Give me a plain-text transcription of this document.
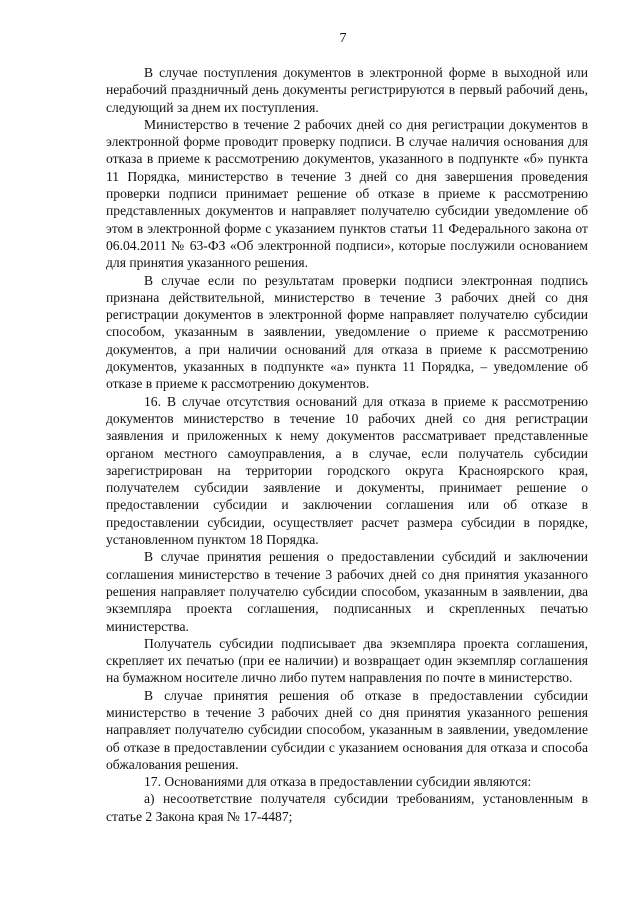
7

В случае поступления документов в электронной форме в выходной или нерабочий праздничный день документы регистрируются в первый рабочий день, следующий за днем их поступления.

Министерство в течение 2 рабочих дней со дня регистрации документов в электронной форме проводит проверку подписи. В случае наличия основания для отказа в приеме к рассмотрению документов, указанного в подпункте «б» пункта 11 Порядка, министерство в течение 3 дней со дня завершения проведения проверки подписи принимает решение об отказе в приеме к рассмотрению представленных документов и направляет получателю субсидии уведомление об этом в электронной форме с указанием пунктов статьи 11 Федерального закона от 06.04.2011 № 63-ФЗ «Об электронной подписи», которые послужили основанием для принятия указанного решения.

В случае если по результатам проверки подписи электронная подпись признана действительной, министерство в течение 3 рабочих дней со дня регистрации документов в электронной форме направляет получателю субсидии способом, указанным в заявлении, уведомление о приеме к рассмотрению документов, а при наличии оснований для отказа в приеме к рассмотрению документов, указанных в подпункте «а» пункта 11 Порядка, – уведомление об отказе в приеме к рассмотрению документов.

16. В случае отсутствия оснований для отказа в приеме к рассмотрению документов министерство в течение 10 рабочих дней со дня регистрации заявления и приложенных к нему документов рассматривает представленные органом местного самоуправления, а в случае, если получатель субсидии зарегистрирован на территории городского округа Красноярского края, получателем субсидии заявление и документы, принимает решение о предоставлении субсидии и заключении соглашения или об отказе в предоставлении субсидии, осуществляет расчет размера субсидии в порядке, установленном пунктом 18 Порядка.

В случае принятия решения о предоставлении субсидий и заключении соглашения министерство в течение 3 рабочих дней со дня принятия указанного решения направляет получателю субсидии способом, указанным в заявлении, два экземпляра проекта соглашения, подписанных и скрепленных печатью министерства.

Получатель субсидии подписывает два экземпляра проекта соглашения, скрепляет их печатью (при ее наличии) и возвращает один экземпляр соглашения на бумажном носителе лично либо путем направления по почте в министерство.

В случае принятия решения об отказе в предоставлении субсидии министерство в течение 3 рабочих дней со дня принятия указанного решения направляет получателю субсидии способом, указанным в заявлении, уведомление об отказе в предоставлении субсидии с указанием основания для отказа и способа обжалования решения.

17. Основаниями для отказа в предоставлении субсидии являются:

а) несоответствие получателя субсидии требованиям, установленным в статье 2 Закона края № 17-4487;
